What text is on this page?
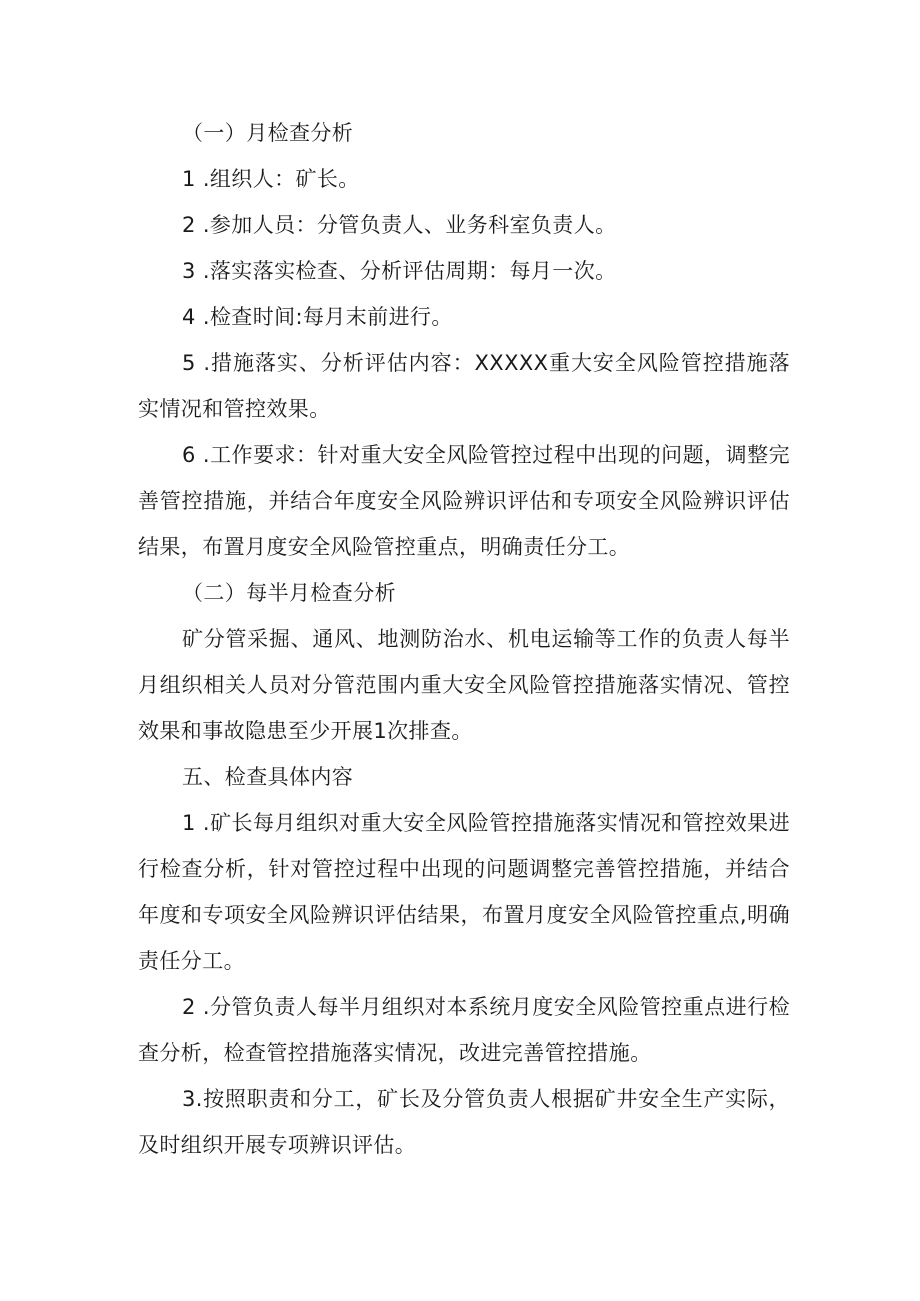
（一）月检查分析

1 .组织人：矿长。

2 .参加人员：分管负责人、业务科室负责人。

3 .落实落实检查、分析评估周期：每月一次。

4 .检查时间:每月末前进行。

5 .措施落实、分析评估内容：XXXXX重大安全风险管控措施落实情况和管控效果。

6 .工作要求：针对重大安全风险管控过程中出现的问题，调整完善管控措施，并结合年度安全风险辨识评估和专项安全风险辨识评估结果，布置月度安全风险管控重点，明确责任分工。

（二）每半月检查分析

矿分管采掘、通风、地测防治水、机电运输等工作的负责人每半月组织相关人员对分管范围内重大安全风险管控措施落实情况、管控效果和事故隐患至少开展1次排查。

五、检查具体内容

1 .矿长每月组织对重大安全风险管控措施落实情况和管控效果进行检查分析，针对管控过程中出现的问题调整完善管控措施，并结合年度和专项安全风险辨识评估结果，布置月度安全风险管控重点,明确责任分工。

2 .分管负责人每半月组织对本系统月度安全风险管控重点进行检查分析，检查管控措施落实情况，改进完善管控措施。

3.按照职责和分工，矿长及分管负责人根据矿井安全生产实际，及时组织开展专项辨识评估。
